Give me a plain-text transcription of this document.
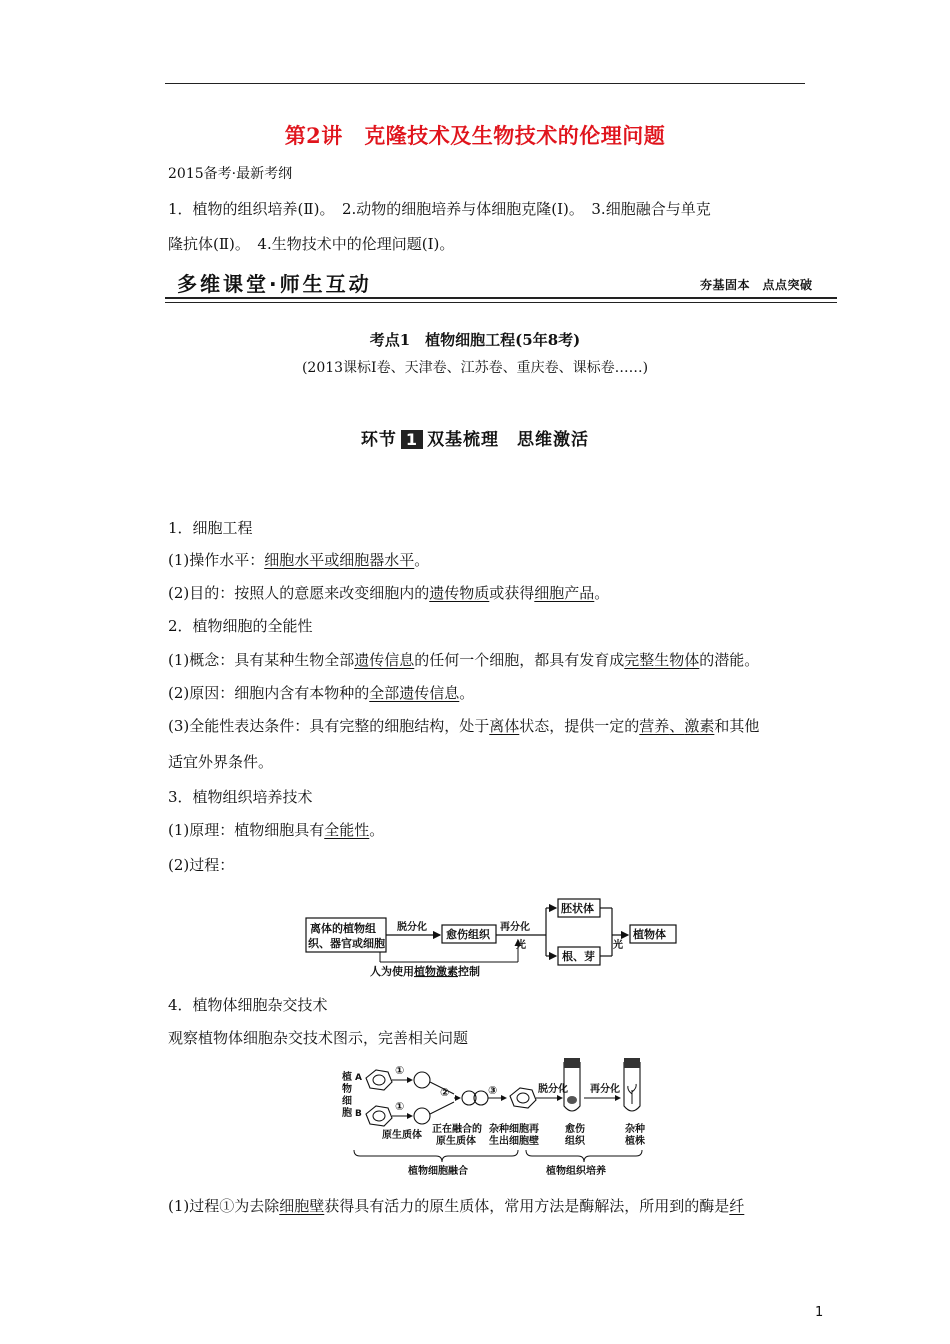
第2讲　克隆技术及生物技术的伦理问题
2015备考·最新考纲
1．植物的组织培养(Ⅱ)。　2.动物的细胞培养与体细胞克隆(Ⅰ)。　3.细胞融合与单克
隆抗体(Ⅱ)。　4.生物技术中的伦理问题(Ⅰ)。
多维课堂·师生互动	夯基固本　点点突破
考点1　植物细胞工程(5年8考)
(2013课标Ⅰ卷、天津卷、江苏卷、重庆卷、课标卷……)
环节 1 双基梳理　思维激活
1．细胞工程
(1)操作水平：细胞水平或细胞器水平。
(2)目的：按照人的意愿来改变细胞内的遗传物质或获得细胞产品。
2．植物细胞的全能性
(1)概念：具有某种生物全部遗传信息的任何一个细胞，都具有发育成完整生物体的潜能。
(2)原因：细胞内含有本物种的全部遗传信息。
(3)全能性表达条件：具有完整的细胞结构，处于离体状态，提供一定的营养、激素和其他
适宜外界条件。
3．植物组织培养技术
(1)原理：植物细胞具有全能性。
(2)过程：
离体的植物组
织、器官或细胞
脱分化
愈伤组织
再分化
光
胚状体
根、芽
光
植物体
人为使用植物激素控制
4．植物体细胞杂交技术
观察植物体细胞杂交技术图示，完善相关问题
植
物
细
胞
A
B
①
①
②	③	脱分化 再分化
原生质体
正在融合的
原生质体
杂种细胞再
生出细胞壁
愈伤
组织
杂种
植株
植物细胞融合	植物组织培养
(1)过程①为去除细胞壁获得具有活力的原生质体，常用方法是酶解法，所用到的酶是纤
1
